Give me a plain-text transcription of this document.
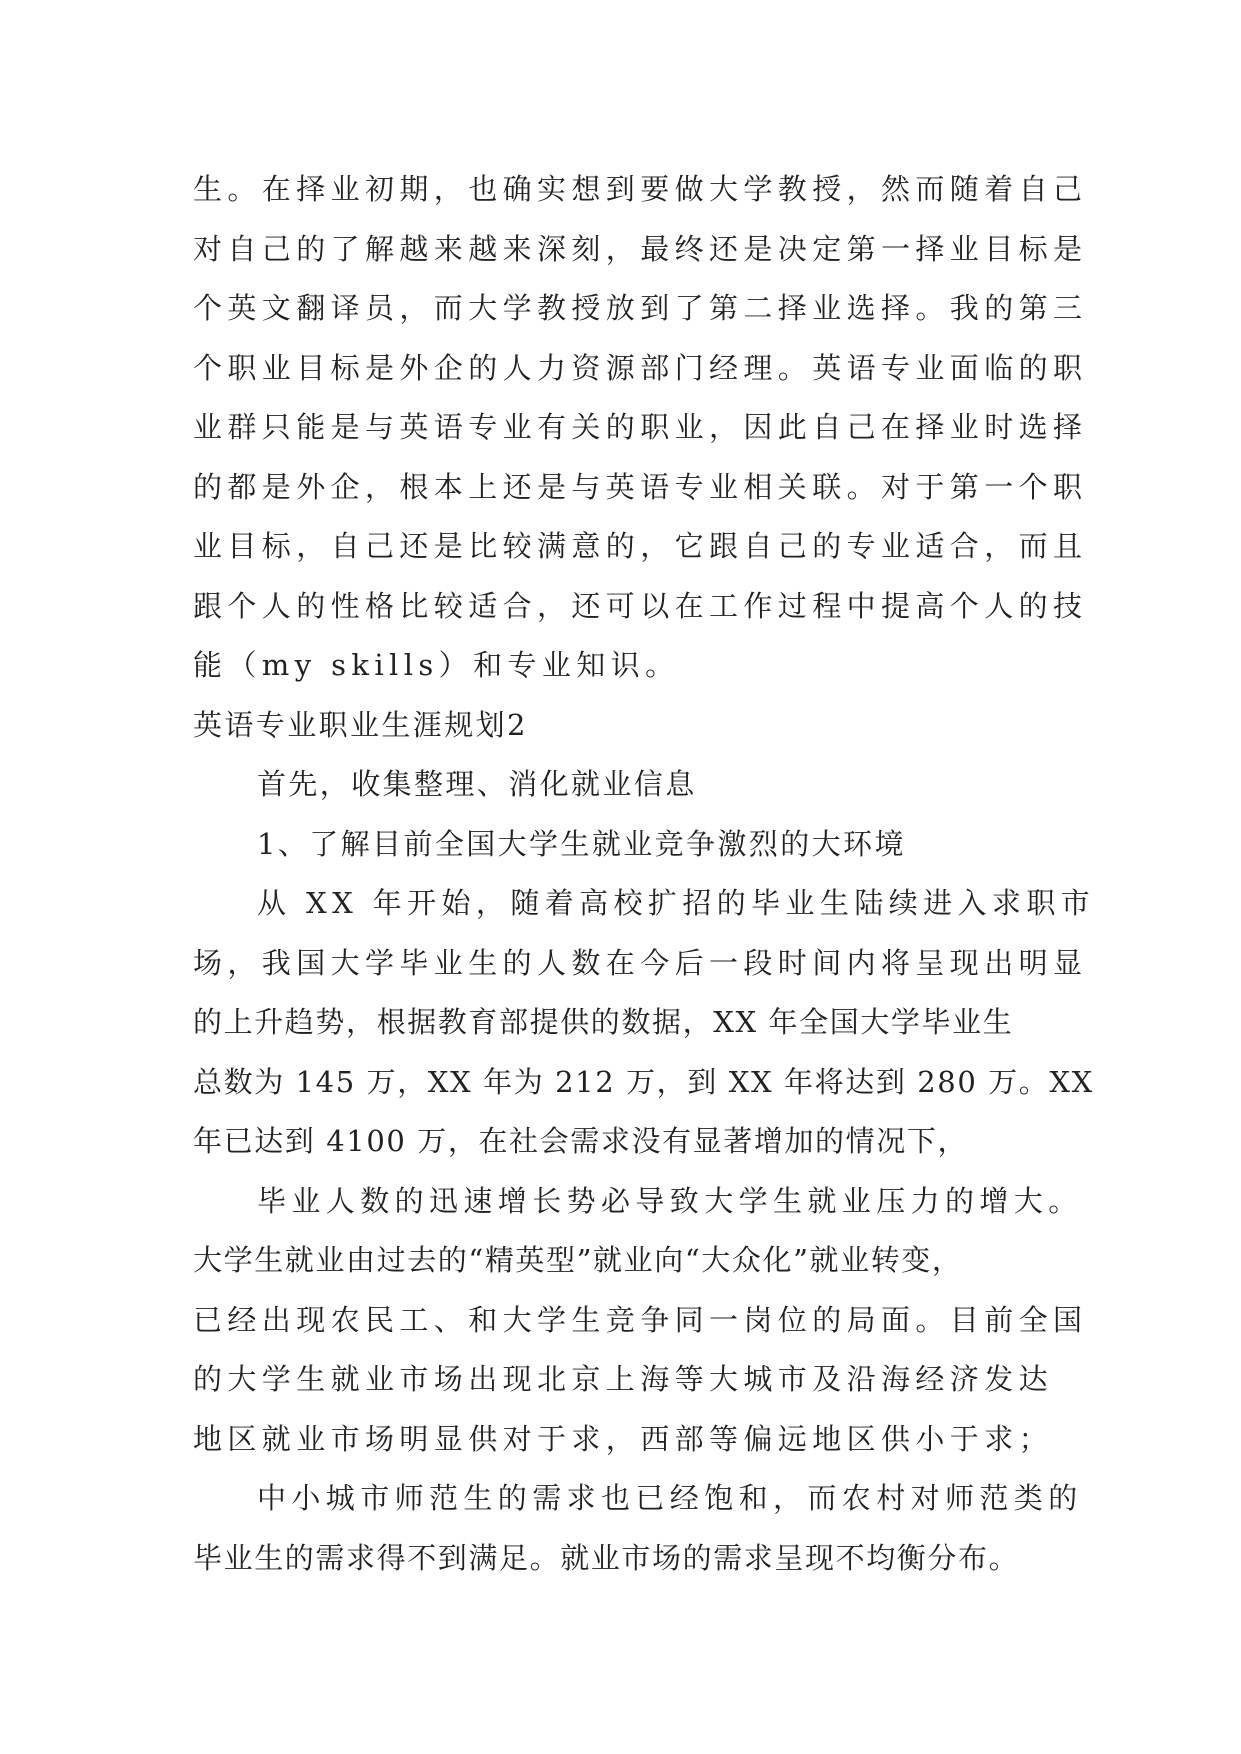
生。在择业初期，也确实想到要做大学教授，然而随着自己
对自己的了解越来越来深刻，最终还是决定第一择业目标是
个英文翻译员，而大学教授放到了第二择业选择。我的第三
个职业目标是外企的人力资源部门经理。英语专业面临的职
业群只能是与英语专业有关的职业，因此自己在择业时选择
的都是外企，根本上还是与英语专业相关联。对于第一个职
业目标，自己还是比较满意的，它跟自己的专业适合，而且
跟个人的性格比较适合，还可以在工作过程中提高个人的技
能（my skills）和专业知识。
英语专业职业生涯规划2
首先，收集整理、消化就业信息
1、了解目前全国大学生就业竞争激烈的大环境
从 XX 年开始，随着高校扩招的毕业生陆续进入求职市
场，我国大学毕业生的人数在今后一段时间内将呈现出明显
的上升趋势，根据教育部提供的数据，XX 年全国大学毕业生
总数为 145 万，XX 年为 212 万，到 XX 年将达到 280 万。XX
年已达到 4100 万，在社会需求没有显著增加的情况下，
毕业人数的迅速增长势必导致大学生就业压力的增大。
大学生就业由过去的“精英型”就业向“大众化”就业转变，
已经出现农民工、和大学生竞争同一岗位的局面。目前全国
的大学生就业市场出现北京上海等大城市及沿海经济发达
地区就业市场明显供对于求，西部等偏远地区供小于求；
中小城市师范生的需求也已经饱和，而农村对师范类的
毕业生的需求得不到满足。就业市场的需求呈现不均衡分布。
